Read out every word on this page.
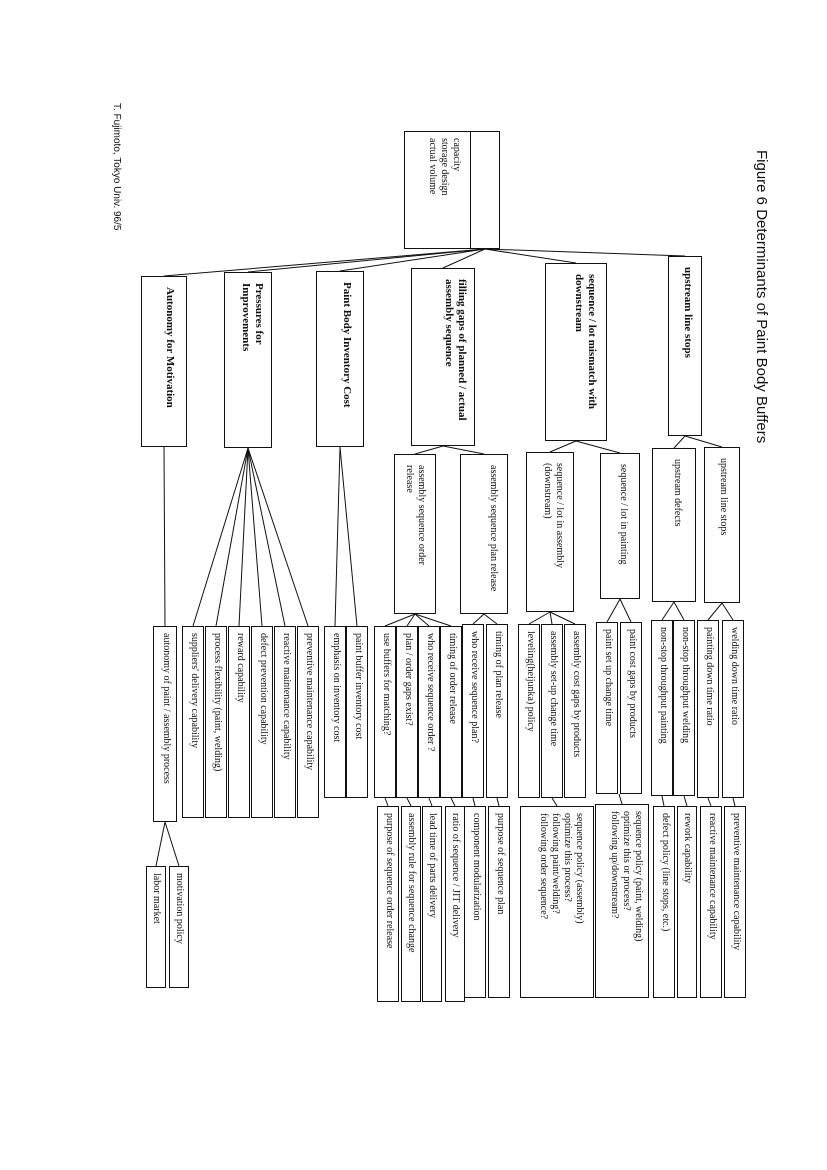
Figure 6 Determinants of Paint Body Buffers
T. Fujimoto, Tokyo Univ. 96/5	capacity
storage design
actual volume
upstream line stops
sequence / lot mismatch with downstream
filling gaps of planned / actual assembly sequence
Paint Body Inventory Cost
Pressures for Improvements
Autonomy for Motivation
upstream line stops
upstream defects
sequence / lot in painting
sequence / lot in assembly (downstream)
assembly sequence plan release
assembly sequence order release
welding down time ratio
painting down time ratio
non-stop throughput welding
non-stop throughput painting
paint cost gaps by products
paint set up change time
assembly cost gaps by products
assembly set-up change time
leveling(heijunka) policy
timing of plan release
who receive sequence plan?
timing of order release
who receive sequence order ?
plan / order gaps exist?
use buffers for matching?
paint buffer inventory cost
emphasis on inventory cost
preventive maintenance capability
reactive maintenance capability
defect prevention capability
reward capability
process flexibility (paint, welding)
suppliers' delivery capability
autonomy of paint / assembly process
preventive maintenance capability
reactive maintenance capability
rework capability
defect policy (line stops, etc.)
sequence policy (paint, welding)
optimize this or process?
following up/downstream?
sequence policy (assembly)
optimize this process?
following paint/welding?
following order sequence?
purpose of sequence plan
component modularization
ratio of sequence / JIT delivery
lead time of parts delivery
assembly rule for sequence change
purpose of sequence order release
motivation policy
labor market
